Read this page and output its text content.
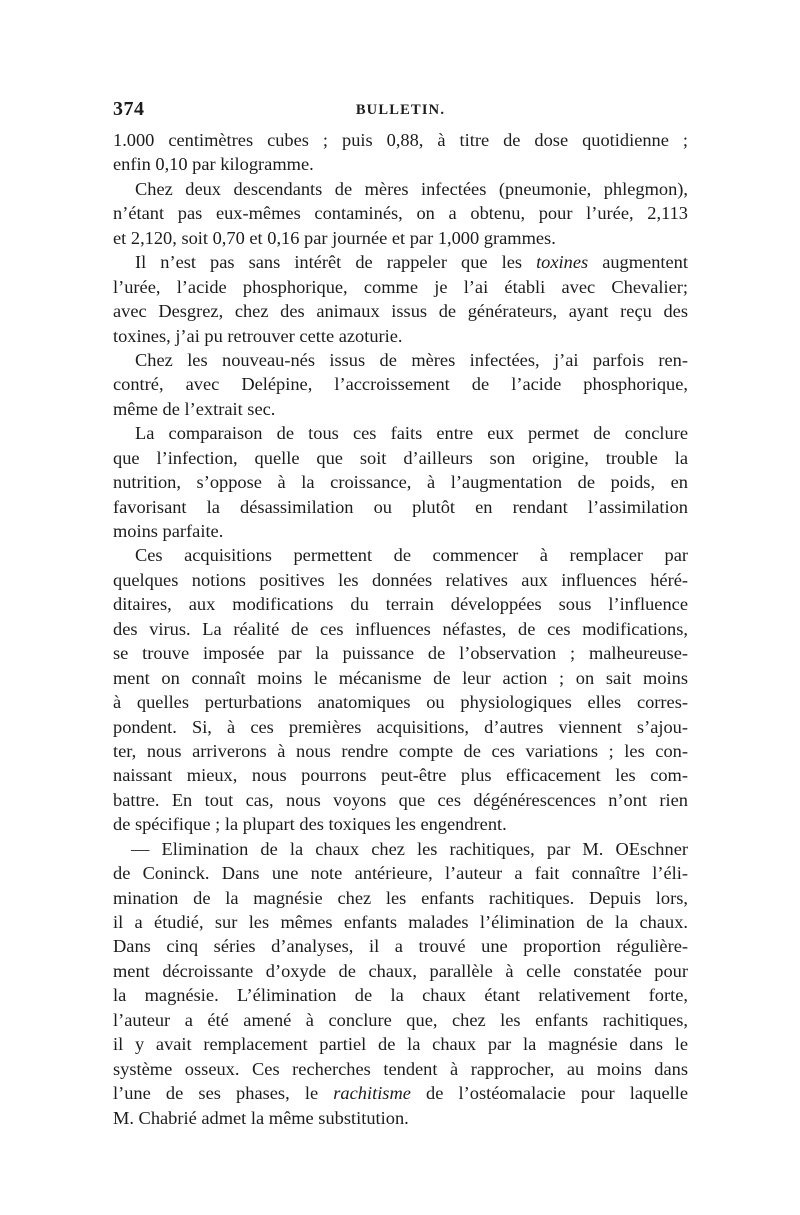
374	BULLETIN.
1.000 centimètres cubes ; puis 0,88, à titre de dose quotidienne ;
enfin 0,10 par kilogramme.
Chez deux descendants de mères infectées (pneumonie, phlegmon),
n’étant pas eux-mêmes contaminés, on a obtenu, pour l’urée, 2,113
et 2,120, soit 0,70 et 0,16 par journée et par 1,000 grammes.
Il n’est pas sans intérêt de rappeler que les toxines augmentent
l’urée, l’acide phosphorique, comme je l’ai établi avec Chevalier;
avec Desgrez, chez des animaux issus de générateurs, ayant reçu des
toxines, j’ai pu retrouver cette azoturie.
Chez les nouveau-nés issus de mères infectées, j’ai parfois ren-
contré, avec Delépine, l’accroissement de l’acide phosphorique,
même de l’extrait sec.
La comparaison de tous ces faits entre eux permet de conclure
que l’infection, quelle que soit d’ailleurs son origine, trouble la
nutrition, s’oppose à la croissance, à l’augmentation de poids, en
favorisant la désassimilation ou plutôt en rendant l’assimilation
moins parfaite.
Ces acquisitions permettent de commencer à remplacer par
quelques notions positives les données relatives aux influences héré-
ditaires, aux modifications du terrain développées sous l’influence
des virus. La réalité de ces influences néfastes, de ces modifications,
se trouve imposée par la puissance de l’observation ; malheureuse-
ment on connaît moins le mécanisme de leur action ; on sait moins
à quelles perturbations anatomiques ou physiologiques elles corres-
pondent. Si, à ces premières acquisitions, d’autres viennent s’ajou-
ter, nous arriverons à nous rendre compte de ces variations ; les con-
naissant mieux, nous pourrons peut-être plus efficacement les com-
battre. En tout cas, nous voyons que ces dégénérescences n’ont rien
de spécifique ; la plupart des toxiques les engendrent.
— Elimination de la chaux chez les rachitiques, par M. OEschner
de Coninck. Dans une note antérieure, l’auteur a fait connaître l’éli-
mination de la magnésie chez les enfants rachitiques. Depuis lors,
il a étudié, sur les mêmes enfants malades l’élimination de la chaux.
Dans cinq séries d’analyses, il a trouvé une proportion régulière-
ment décroissante d’oxyde de chaux, parallèle à celle constatée pour
la magnésie. L’élimination de la chaux étant relativement forte,
l’auteur a été amené à conclure que, chez les enfants rachitiques,
il y avait remplacement partiel de la chaux par la magnésie dans le
système osseux. Ces recherches tendent à rapprocher, au moins dans
l’une de ses phases, le rachitisme de l’ostéomalacie pour laquelle
M. Chabrié admet la même substitution.
